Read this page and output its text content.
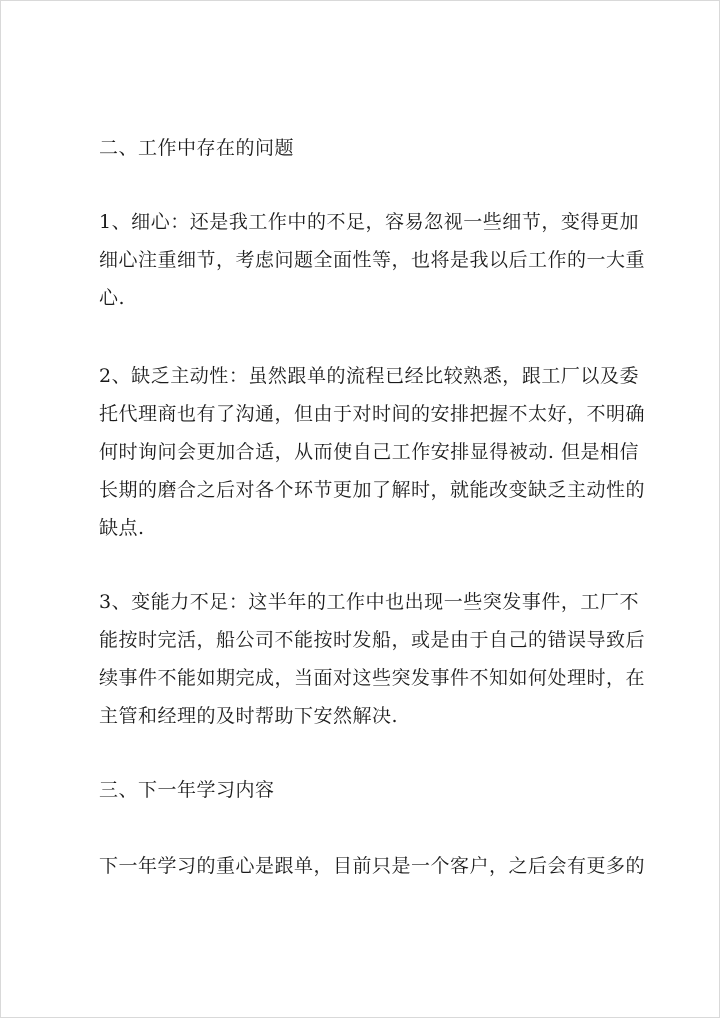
二、工作中存在的问题
1、细心：还是我工作中的不足，容易忽视一些细节，变得更加
细心注重细节，考虑问题全面性等，也将是我以后工作的一大重
心.
2、缺乏主动性：虽然跟单的流程已经比较熟悉，跟工厂以及委
托代理商也有了沟通，但由于对时间的安排把握不太好，不明确
何时询问会更加合适，从而使自己工作安排显得被动. 但是相信
长期的磨合之后对各个环节更加了解时，就能改变缺乏主动性的
缺点.
3、变能力不足：这半年的工作中也出现一些突发事件，工厂不
能按时完活，船公司不能按时发船，或是由于自己的错误导致后
续事件不能如期完成，当面对这些突发事件不知如何处理时，在
主管和经理的及时帮助下安然解决.
三、下一年学习内容
下一年学习的重心是跟单，目前只是一个客户，之后会有更多的
